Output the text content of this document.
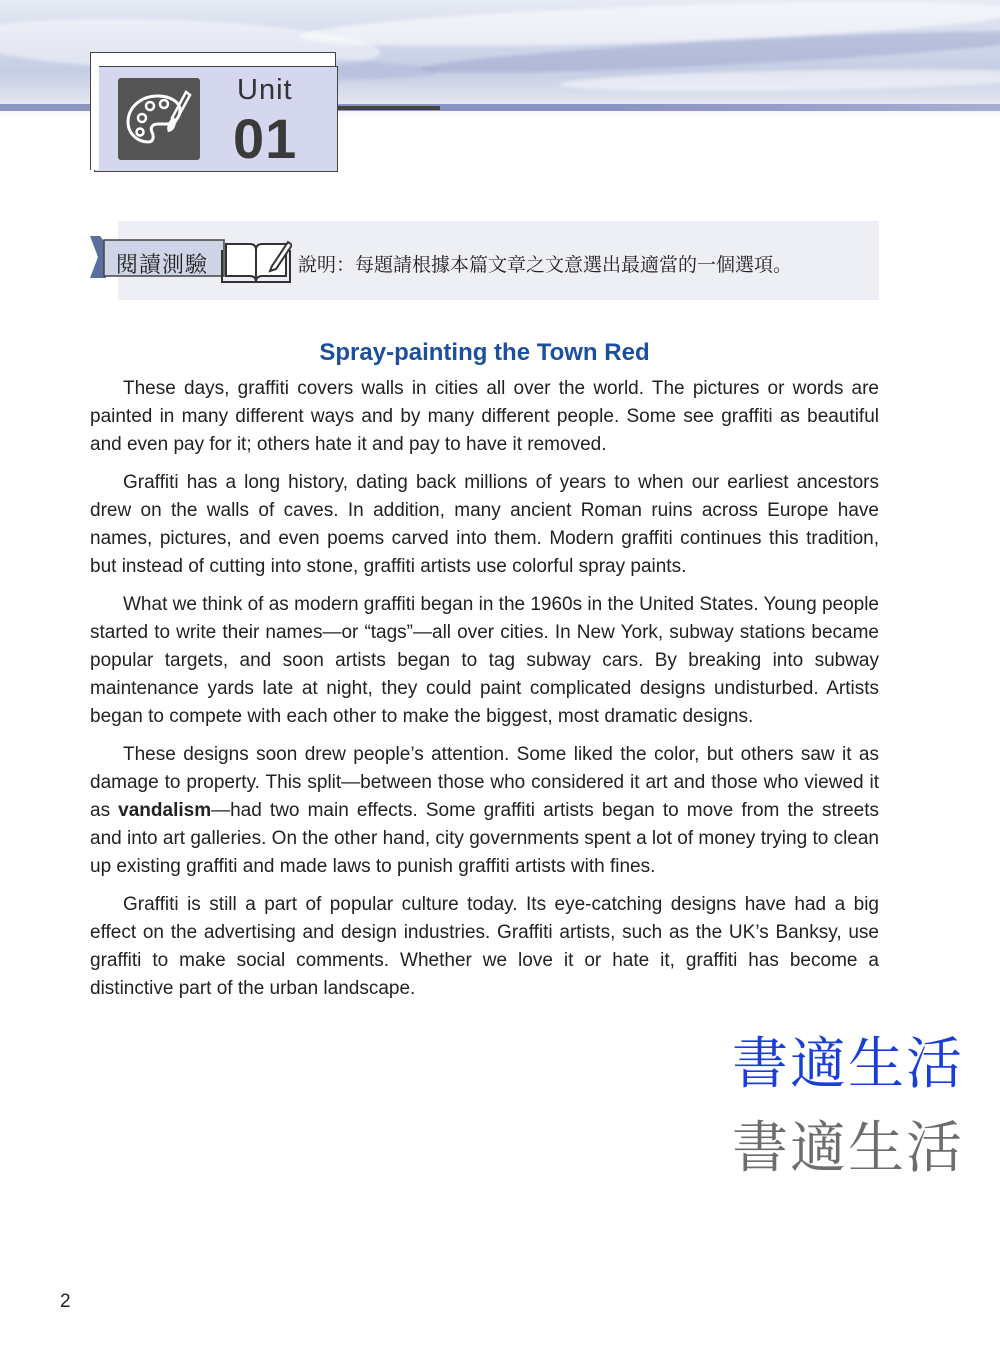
Unit
01
閱讀測驗	說明：每題請根據本篇文章之文意選出最適當的一個選項。
Spray-painting the Town Red

These days, graffiti covers walls in cities all over the world. The pictures or words are painted in many different ways and by many different people. Some see graffiti as beautiful and even pay for it; others hate it and pay to have it removed.

Graffiti has a long history, dating back millions of years to when our earliest ancestors drew on the walls of caves. In addition, many ancient Roman ruins across Europe have names, pictures, and even poems carved into them. Modern graffiti continues this tradition, but instead of cutting into stone, graffiti artists use colorful spray paints.

What we think of as modern graffiti began in the 1960s in the United States. Young people started to write their names—or “tags”—all over cities. In New York, subway stations became popular targets, and soon artists began to tag subway cars. By breaking into subway maintenance yards late at night, they could paint complicated designs undisturbed. Artists began to compete with each other to make the biggest, most dramatic designs.

These designs soon drew people’s attention. Some liked the color, but others saw it as damage to property. This split—between those who considered it art and those who viewed it as vandalism—had two main effects. Some graffiti artists began to move from the streets and into art galleries. On the other hand, city governments spent a lot of money trying to clean up existing graffiti and made laws to punish graffiti artists with fines.

Graffiti is still a part of popular culture today. Its eye-catching designs have had a big effect on the advertising and design industries. Graffiti artists, such as the UK’s Banksy, use graffiti to make social comments. Whether we love it or hate it, graffiti has become a distinctive part of the urban landscape.

書適生活
書適生活
2
